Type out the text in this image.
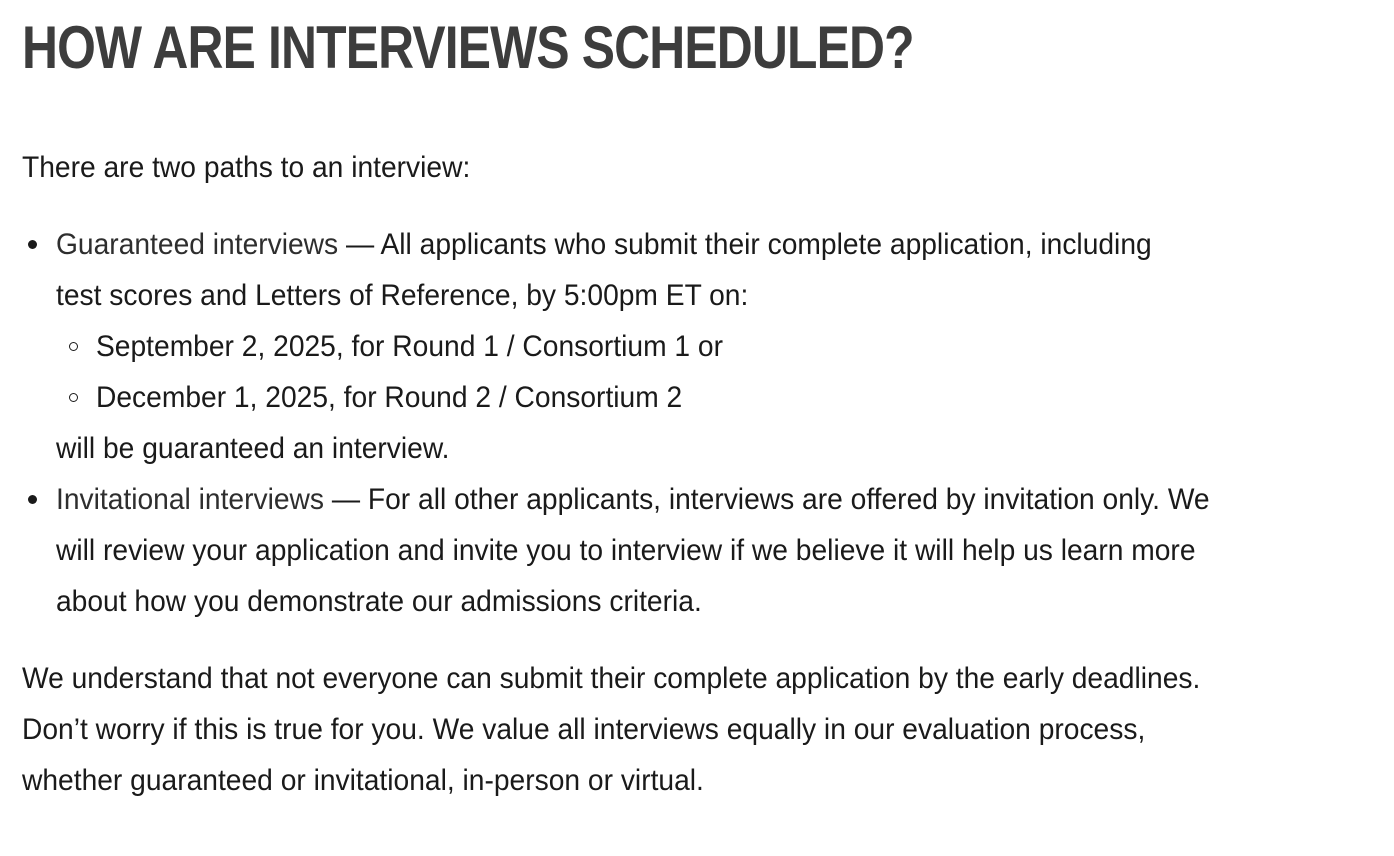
HOW ARE INTERVIEWS SCHEDULED?

There are two paths to an interview:

Guaranteed interviews — All applicants who submit their complete application, including
test scores and Letters of Reference, by 5:00pm ET on:
September 2, 2025, for Round 1 / Consortium 1 or
December 1, 2025, for Round 2 / Consortium 2
will be guaranteed an interview.
Invitational interviews — For all other applicants, interviews are offered by invitation only. We
will review your application and invite you to interview if we believe it will help us learn more
about how you demonstrate our admissions criteria.
We understand that not everyone can submit their complete application by the early deadlines.
Don’t worry if this is true for you. We value all interviews equally in our evaluation process,
whether guaranteed or invitational, in-person or virtual.
